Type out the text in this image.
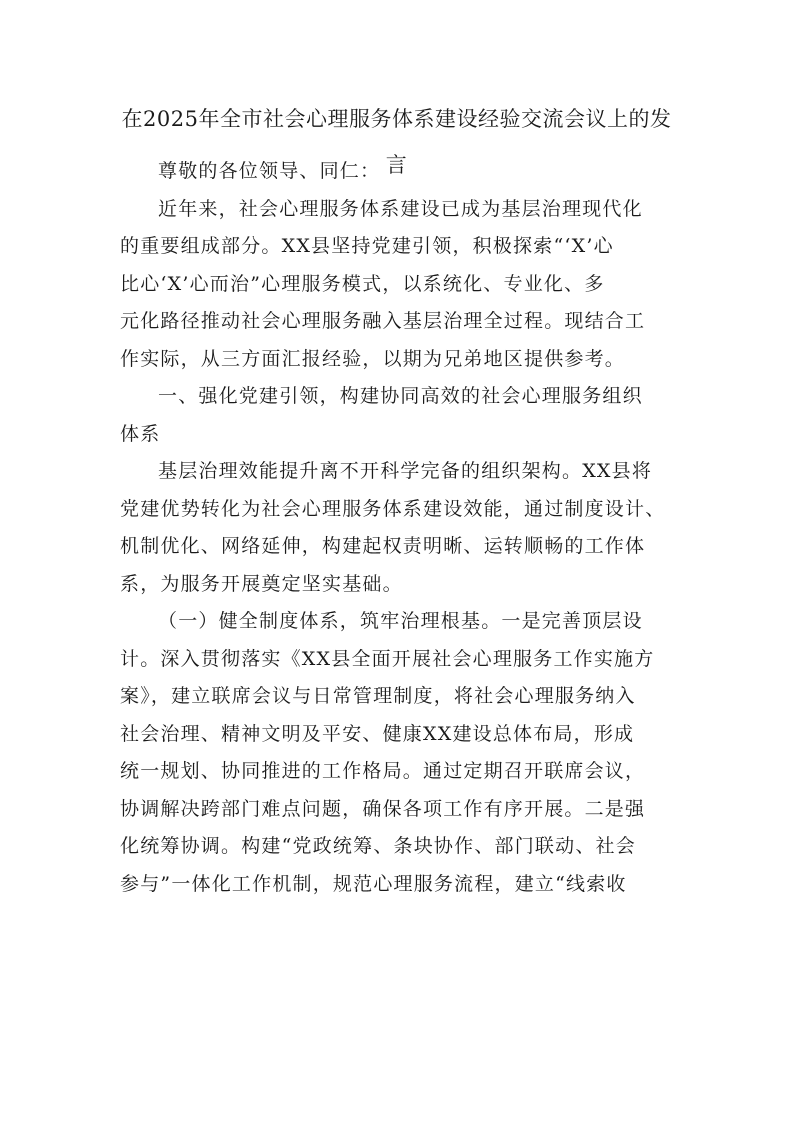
在2025年全市社会心理服务体系建设经验交流会议上的发
言
尊敬的各位领导、同仁：
近年来，社会心理服务体系建设已成为基层治理现代化
的重要组成部分。XX县坚持党建引领，积极探索“‘X’心
比心‘X’心而治”心理服务模式，以系统化、专业化、多
元化路径推动社会心理服务融入基层治理全过程。现结合工
作实际，从三方面汇报经验，以期为兄弟地区提供参考。
一、强化党建引领，构建协同高效的社会心理服务组织
体系
基层治理效能提升离不开科学完备的组织架构。XX县将
党建优势转化为社会心理服务体系建设效能，通过制度设计、
机制优化、网络延伸，构建起权责明晰、运转顺畅的工作体
系，为服务开展奠定坚实基础。
（一）健全制度体系，筑牢治理根基。一是完善顶层设
计。深入贯彻落实《XX县全面开展社会心理服务工作实施方
案》，建立联席会议与日常管理制度，将社会心理服务纳入
社会治理、精神文明及平安、健康XX建设总体布局，形成
统一规划、协同推进的工作格局。通过定期召开联席会议，
协调解决跨部门难点问题，确保各项工作有序开展。二是强
化统筹协调。构建“党政统筹、条块协作、部门联动、社会
参与”一体化工作机制，规范心理服务流程，建立“线索收
